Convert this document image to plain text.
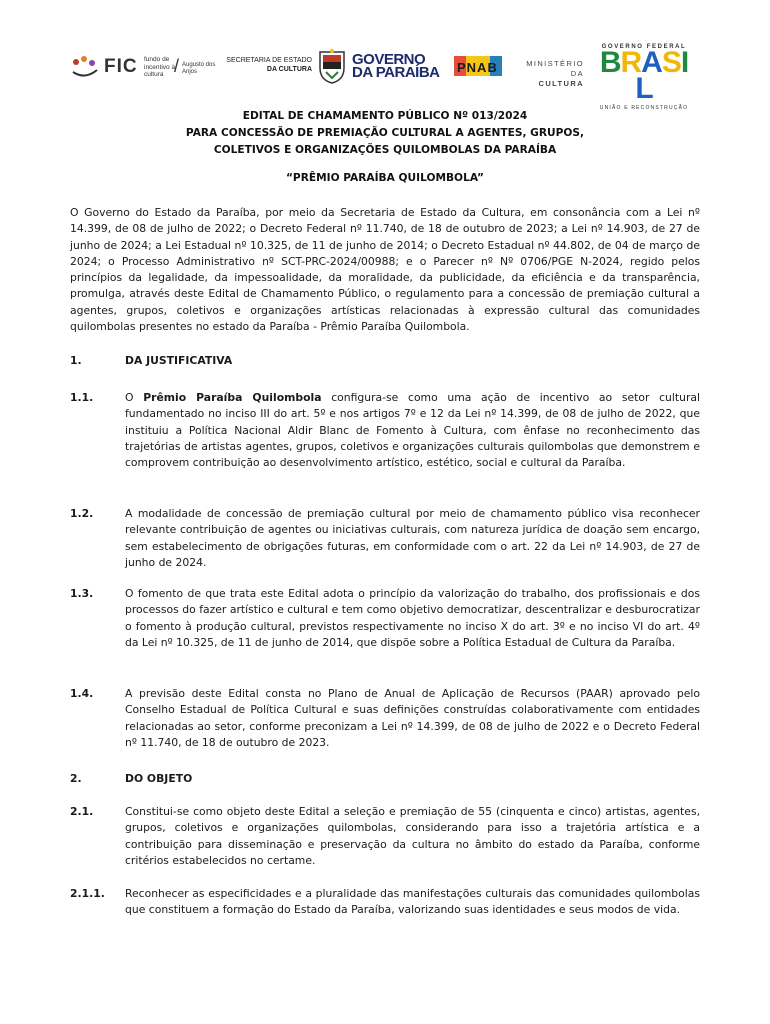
FIC fundo de incentivo à cultura / Augusto dos Anjos
SECRETARIA DE ESTADO
DA CULTURA
GOVERNO
DA PARAÍBA PNAB	MINISTÉRIO DA
CULTURA
GOVERNO FEDERAL
BRASIL
UNIÃO E RECONSTRUÇÃO
EDITAL DE CHAMAMENTO PÚBLICO Nº 013/2024
PARA CONCESSÃO DE PREMIAÇÃO CULTURAL A AGENTES, GRUPOS,
COLETIVOS E ORGANIZAÇÕES QUILOMBOLAS DA PARAÍBA
“PRÊMIO PARAÍBA QUILOMBOLA”
O Governo do Estado da Paraíba, por meio da Secretaria de Estado da Cultura, em consonância com a Lei nº 14.399, de 08 de julho de 2022; o Decreto Federal nº 11.740, de 18 de outubro de 2023; a Lei nº 14.903, de 27 de junho de 2024; a Lei Estadual nº 10.325, de 11 de junho de 2014; o Decreto Estadual nº 44.802, de 04 de março de 2024; o Processo Administrativo nº SCT-PRC-2024/00988; e o Parecer nº Nº 0706/PGE N-2024, regido pelos princípios da legalidade, da impessoalidade, da moralidade, da publicidade, da eficiência e da transparência, promulga, através deste Edital de Chamamento Público, o regulamento para a concessão de premiação cultural a agentes, grupos, coletivos e organizações artísticas relacionadas à expressão cultural das comunidades quilombolas presentes no estado da Paraíba - Prêmio Paraíba Quilombola.
1.	DA JUSTIFICATIVA
1.1.	O Prêmio Paraíba Quilombola configura-se como uma ação de incentivo ao setor cultural fundamentado no inciso III do art. 5º e nos artigos 7º e 12 da Lei nº 14.399, de 08 de julho de 2022, que instituiu a Política Nacional Aldir Blanc de Fomento à Cultura, com ênfase no reconhecimento das trajetórias de artistas agentes, grupos, coletivos e organizações culturais quilombolas que demonstrem e comprovem contribuição ao desenvolvimento artístico, estético, social e cultural da Paraíba.
1.2.	A modalidade de concessão de premiação cultural por meio de chamamento público visa reconhecer relevante contribuição de agentes ou iniciativas culturais, com natureza jurídica de doação sem encargo, sem estabelecimento de obrigações futuras, em conformidade com o art. 22 da Lei nº 14.903, de 27 de junho de 2024.
1.3.	O fomento de que trata este Edital adota o princípio da valorização do trabalho, dos profissionais e dos processos do fazer artístico e cultural e tem como objetivo democratizar, descentralizar e desburocratizar o fomento à produção cultural, previstos respectivamente no inciso X do art. 3º e no inciso VI do art. 4º da Lei nº 10.325, de 11 de junho de 2014, que dispõe sobre a Política Estadual de Cultura da Paraíba.
1.4.	A previsão deste Edital consta no Plano de Anual de Aplicação de Recursos (PAAR) aprovado pelo Conselho Estadual de Política Cultural e suas definições construídas colaborativamente com entidades relacionadas ao setor, conforme preconizam a Lei nº 14.399, de 08 de julho de 2022 e o Decreto Federal nº 11.740, de 18 de outubro de 2023.
2.	DO OBJETO
2.1.	Constitui-se como objeto deste Edital a seleção e premiação de 55 (cinquenta e cinco) artistas, agentes, grupos, coletivos e organizações quilombolas, considerando para isso a trajetória artística e a contribuição para disseminação e preservação da cultura no âmbito do estado da Paraíba, conforme critérios estabelecidos no certame.
2.1.1. Reconhecer as especificidades e a pluralidade das manifestações culturais das comunidades quilombolas que constituem a formação do Estado da Paraíba, valorizando suas identidades e seus modos de vida.
